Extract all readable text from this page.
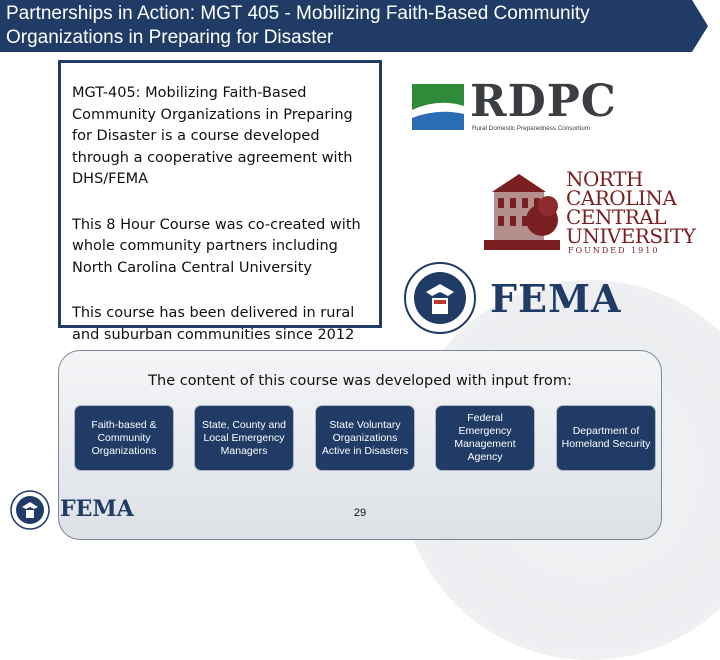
Partnerships in Action: MGT 405 - Mobilizing Faith-Based Community Organizations in Preparing for Disaster

MGT-405: Mobilizing Faith-Based Community Organizations in Preparing for Disaster is a course developed through a cooperative agreement with DHS/FEMA

This 8 Hour Course was co-created with whole community partners including North Carolina Central University

This course has been delivered in rural and suburban communities since 2012

RDPC
Rural Domestic Preparedness Consortium
NORTH
CAROLINA
CENTRAL
UNIVERSITY
FOUNDED 1910
FEMA
The content of this course was developed with input from:
Faith-based & Community Organizations
State, County and Local Emergency Managers
State Voluntary Organizations Active in Disasters
Federal Emergency Management Agency
Department of Homeland Security
29
FEMA
